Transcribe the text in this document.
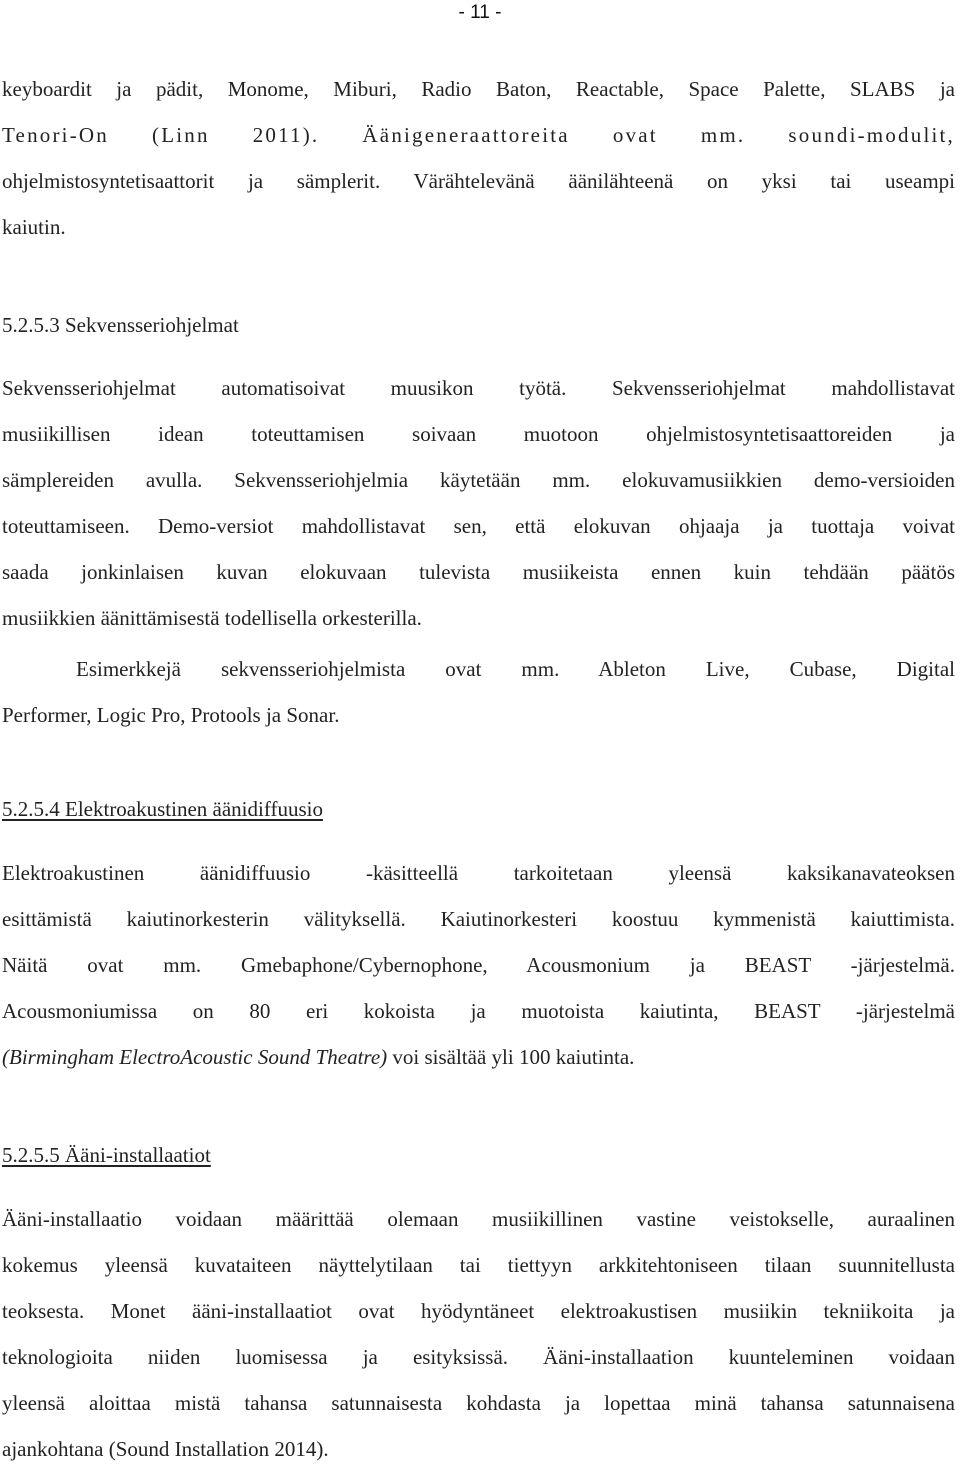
- 11 -
keyboardit ja pädit, Monome, Miburi, Radio Baton, Reactable, Space Palette, SLABS ja
Tenori-On (Linn 2011). Äänigeneraattoreita ovat mm. soundi-modulit,
ohjelmistosyntetisaattorit ja sämplerit. Värähtelevänä äänilähteenä on yksi tai useampi
kaiutin.
5.2.5.3 Sekvensseriohjelmat
Sekvensseriohjelmat automatisoivat muusikon työtä. Sekvensseriohjelmat mahdollistavat
musiikillisen idean toteuttamisen soivaan muotoon ohjelmistosyntetisaattoreiden ja
sämplereiden avulla. Sekvensseriohjelmia käytetään mm. elokuvamusiikkien demo-versioiden
toteuttamiseen. Demo-versiot mahdollistavat sen, että elokuvan ohjaaja ja tuottaja voivat
saada jonkinlaisen kuvan elokuvaan tulevista musiikeista ennen kuin tehdään päätös
musiikkien äänittämisestä todellisella orkesterilla.
Esimerkkejä sekvensseriohjelmista ovat mm. Ableton Live, Cubase, Digital
Performer, Logic Pro, Protools ja Sonar.
5.2.5.4 Elektroakustinen äänidiffuusio
Elektroakustinen äänidiffuusio -käsitteellä tarkoitetaan yleensä kaksikanavateoksen
esittämistä kaiutinorkesterin välityksellä. Kaiutinorkesteri koostuu kymmenistä kaiuttimista.
Näitä ovat mm. Gmebaphone/Cybernophone, Acousmonium ja BEAST -järjestelmä.
Acousmoniumissa on 80 eri kokoista ja muotoista kaiutinta, BEAST -järjestelmä
(Birmingham ElectroAcoustic Sound Theatre) voi sisältää yli 100 kaiutinta.
5.2.5.5 Ääni-installaatiot
Ääni-installaatio voidaan määrittää olemaan musiikillinen vastine veistokselle, auraalinen
kokemus yleensä kuvataiteen näyttelytilaan tai tiettyyn arkkitehtoniseen tilaan suunnitellusta
teoksesta. Monet ääni-installaatiot ovat hyödyntäneet elektroakustisen musiikin tekniikoita ja
teknologioita niiden luomisessa ja esityksissä. Ääni-installaation kuunteleminen voidaan
yleensä aloittaa mistä tahansa satunnaisesta kohdasta ja lopettaa minä tahansa satunnaisena
ajankohtana (Sound Installation 2014).
